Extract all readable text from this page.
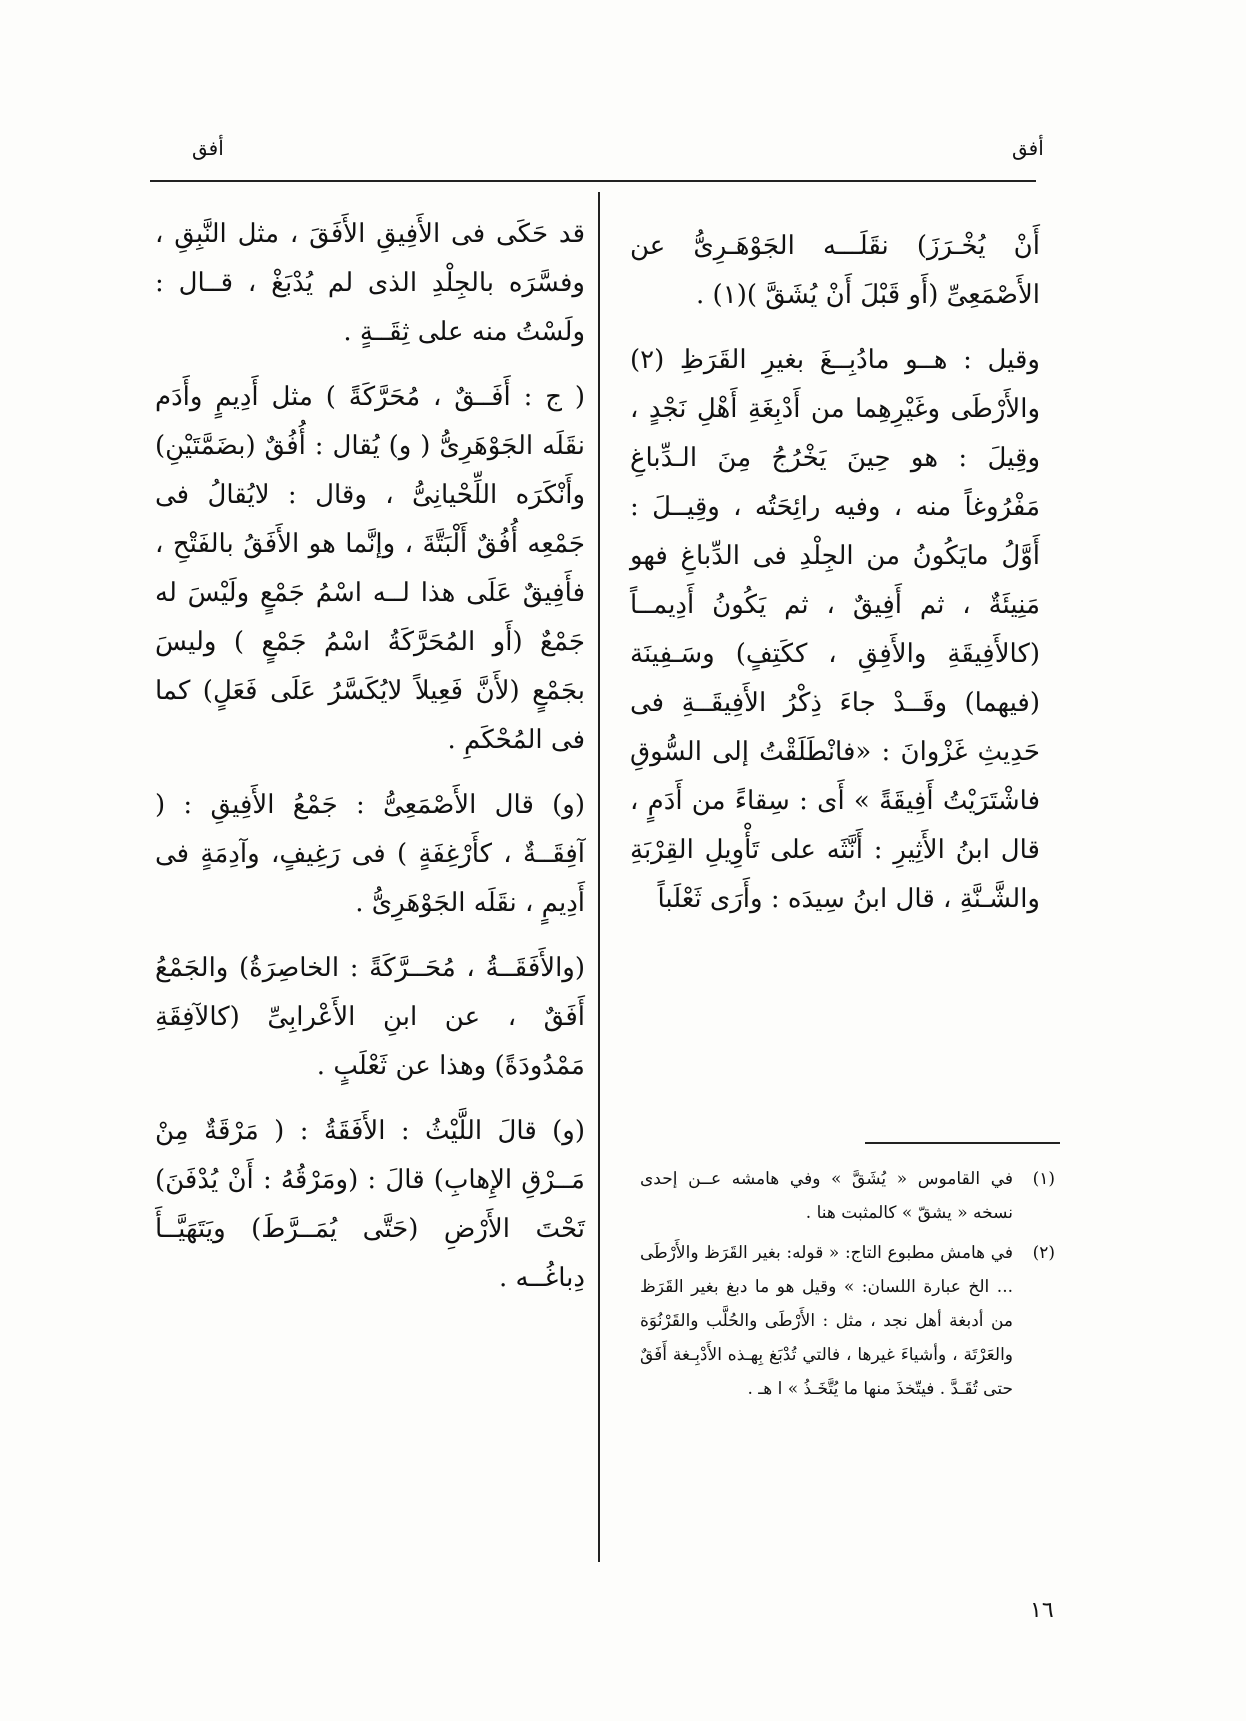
أفق
أفق

أَنْ يُخْـرَزَ) نقَلَـــه الجَوْهَـرِىُّ عن الأَصْمَعِىِّ (أَو قَبْلَ أَنْ يُشَقَّ )(١) .

وقيل : هــو مادُبِــغَ بغيرِ القَرَظِ (٢) والأَرْطَى وغَيْرِهِما من أَدْبِغَةِ أَهْلِ نَجْدٍ ، وقِيلَ : هو حِينَ يَخْرُجُ مِنَ الـدِّباغِ مَفْرُوغاً منه ، وفيه رائِحَتُه ، وقِيــلَ : أَوَّلُ مايَكُونُ من الجِلْدِ فى الدِّباغِ فهو مَنِيئَةٌ ، ثم أَفِيقٌ ، ثم يَكُونُ أَدِيمــاً (كالأَفِيقَةِ والأَفِقِ ، ككَتِفٍ) وسَـفِينَة (فيهما) وقَــدْ جاءَ ذِكْرُ الأَفِيقَــةِ فى حَدِيثِ غَزْوانَ : «فانْطَلَقْتُ إلى السُّوقِ فاشْتَرَيْتُ أَفِيقَةً » أَى : سِقاءً من أَدَمٍ ، قال ابنُ الأَثِيرِ : أَنَّثَه على تَأْوِيلِ القِرْبَةِ والشَّـنَّةِ ، قال ابنُ سِيدَه : وأَرَى ثَعْلَباً

قد حَكَى فى الأَفِيقِ الأَفَقَ ، مثل النَّبِقِ ، وفسَّرَه بالجِلْدِ الذى لم يُدْبَغْ ، قــال : ولَسْتُ منه على ثِقَــةٍ .

( ج : أَفَــقٌ ، مُحَرَّكَةً ) مثل أَدِيمٍ وأَدَم نقَلَه الجَوْهَرِىُّ ( و) يُقال : أُفُقٌ (بضَمَّتَيْنِ) وأَنْكَرَه اللِّحْيانِىُّ ، وقال : لايُقالُ فى جَمْعِه أُفُقٌ أَلْبَتَّةَ ، وإنَّما هو الأَفَقُ بالفَتْحِ ، فأَفِيقٌ عَلَى هذا لــه اسْمُ جَمْعٍ ولَيْسَ له جَمْعٌ (أَو المُحَرَّكَةُ اسْمُ جَمْعٍ ) وليسَ بجَمْعٍ (لأَنَّ فَعِيلاً لايُكَسَّرُ عَلَى فَعَلٍ) كما فى المُحْكَمِ .

(و) قال الأَصْمَعِىُّ : جَمْعُ الأَفِيقِ : ( آفِقَــةٌ ، كأَرْغِفَةٍ ) فى رَغِيفٍ، وآدِمَةٍ فى أَدِيمٍ ، نقَلَه الجَوْهَرِىُّ .

(والأَفَقَــةُ ، مُحَــرَّكَةً : الخاصِرَةُ) والجَمْعُ أَفَقٌ ، عن ابنِ الأَعْرابِىِّ (كالآفِقَةِ مَمْدُودَةً) وهذا عن ثَعْلَبٍ .

(و) قالَ اللَّيْثُ : الأَفَقَةُ : ( مَرْقَةٌ مِنْ مَــرْقِ الإِهابِ) قالَ : (ومَرْقُهُ : أَنْ يُدْفَنَ) تَحْتَ الأَرْضِ (حَتَّى يُمَــرَّطَ) ويَتَهَيَّــأَ دِباغُــه .

(١)
في القاموس « يُشَقَّ » وفي هامشه عــن إحدى نسخه « يشقّ » كالمثبت هنا .
(٢)
في هامش مطبوع التاج: « قوله: بغير القَرَظ والأَرْطَى ... الخ عبارة اللسان: » وقيل هو ما دبغ بغير القَرَظ من أدبغة أهل نجد ، مثل : الأَرْطَى والحُلَّب والقَرْنُوَة والعَرْتَة ، وأشياءَ غيرها ، فالتي تُدْبَغ بِهـذه الأَدْبِـغة أَفَقٌ حتى تُقَـدَّ . فيتّخذَ منها ما يُتَّخَـذُ » ا هـ .
١٦
